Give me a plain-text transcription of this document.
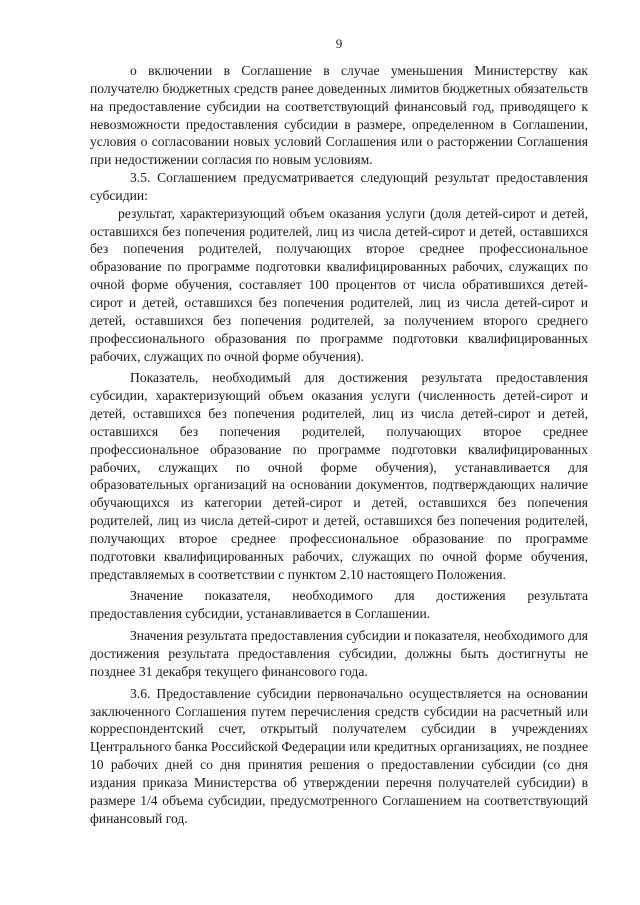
9

о включении в Соглашение в случае уменьшения Министерству как получателю бюджетных средств ранее доведенных лимитов бюджетных обязательств на предоставление субсидии на соответствующий финансовый год, приводящего к невозможности предоставления субсидии в размере, определенном в Соглашении, условия о согласовании новых условий Соглашения или о расторжении Соглашения при недостижении согласия по новым условиям.

3.5. Соглашением предусматривается следующий результат предоставления субсидии:

результат, характеризующий объем оказания услуги (доля детей-сирот и детей, оставшихся без попечения родителей, лиц из числа детей-сирот и детей, оставшихся без попечения родителей, получающих второе среднее профессиональное образование по программе подготовки квалифицированных рабочих, служащих по очной форме обучения, составляет 100 процентов от числа обратившихся детей-сирот и детей, оставшихся без попечения родителей, лиц из числа детей-сирот и детей, оставшихся без попечения родителей, за получением второго среднего профессионального образования по программе подготовки квалифицированных рабочих, служащих по очной форме обучения).

Показатель, необходимый для достижения результата предоставления субсидии, характеризующий объем оказания услуги (численность детей-сирот и детей, оставшихся без попечения родителей, лиц из числа детей-сирот и детей, оставшихся без попечения родителей, получающих второе среднее профессиональное образование по программе подготовки квалифицированных рабочих, служащих по очной форме обучения), устанавливается для образовательных организаций на основании документов, подтверждающих наличие обучающихся из категории детей-сирот и детей, оставшихся без попечения родителей, лиц из числа детей-сирот и детей, оставшихся без попечения родителей, получающих второе среднее профессиональное образование по программе подготовки квалифицированных рабочих, служащих по очной форме обучения, представляемых в соответствии с пунктом 2.10 настоящего Положения.

Значение показателя, необходимого для достижения результата предоставления субсидии, устанавливается в Соглашении.

Значения результата предоставления субсидии и показателя, необходимого для достижения результата предоставления субсидии, должны быть достигнуты не позднее 31 декабря текущего финансового года.

3.6. Предоставление субсидии первоначально осуществляется на основании заключенного Соглашения путем перечисления средств субсидии на расчетный или корреспондентский счет, открытый получателем субсидии в учреждениях Центрального банка Российской Федерации или кредитных организациях, не позднее 10 рабочих дней со дня принятия решения о предоставлении субсидии (со дня издания приказа Министерства об утверждении перечня получателей субсидии) в размере 1/4 объема субсидии, предусмотренного Соглашением на соответствующий финансовый год.
